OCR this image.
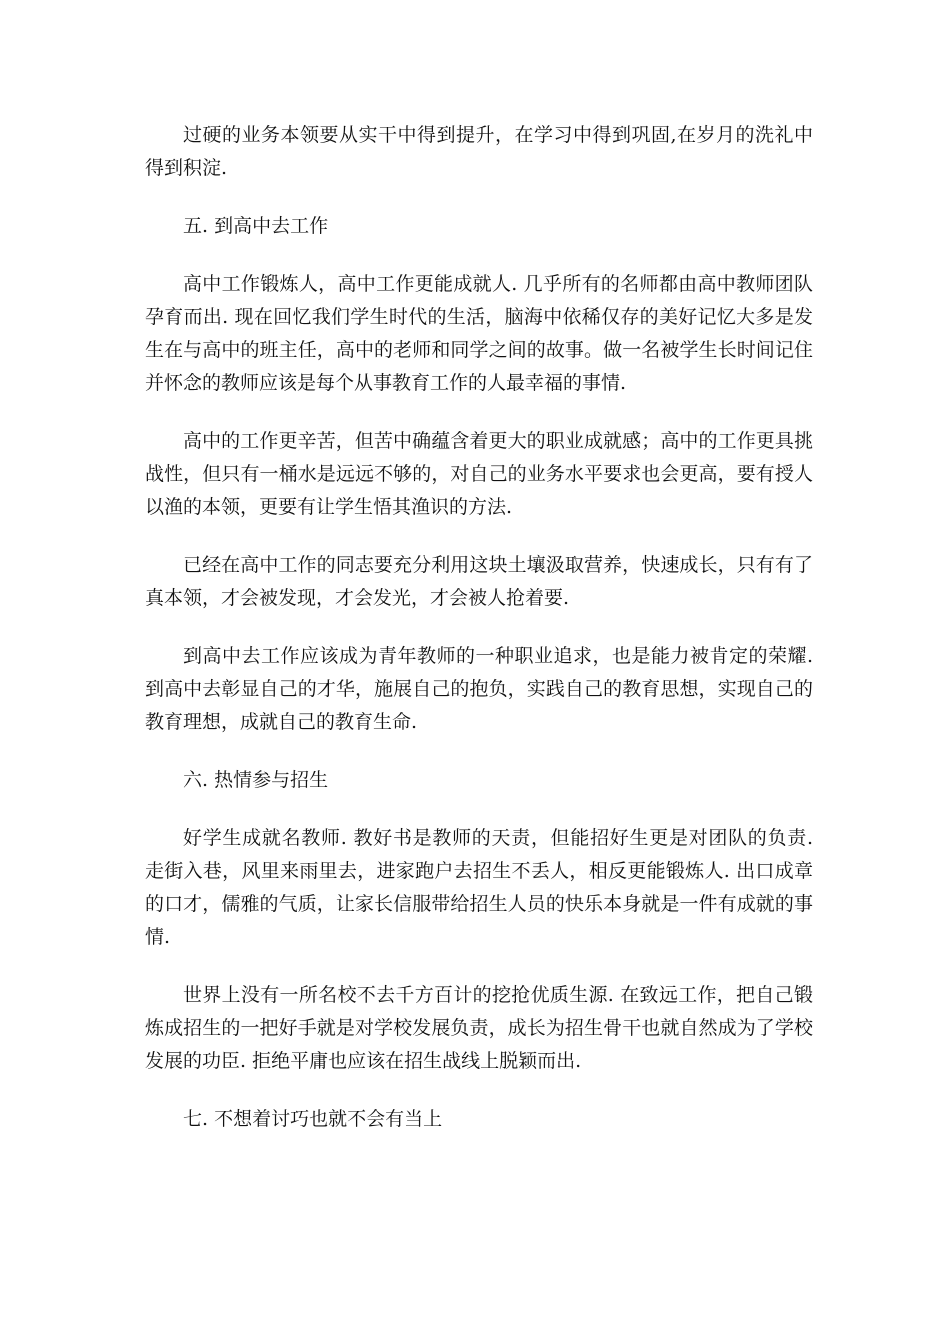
过硬的业务本领要从实干中得到提升，在学习中得到巩固,在岁月的洗礼中得到积淀.

五. 到高中去工作

高中工作锻炼人，高中工作更能成就人. 几乎所有的名师都由高中教师团队孕育而出. 现在回忆我们学生时代的生活，脑海中依稀仅存的美好记忆大多是发生在与高中的班主任，高中的老师和同学之间的故事。做一名被学生长时间记住并怀念的教师应该是每个从事教育工作的人最幸福的事情.

高中的工作更辛苦，但苦中确蕴含着更大的职业成就感；高中的工作更具挑战性，但只有一桶水是远远不够的，对自己的业务水平要求也会更高，要有授人以渔的本领，更要有让学生悟其渔识的方法.

已经在高中工作的同志要充分利用这块土壤汲取营养，快速成长，只有有了真本领，才会被发现，才会发光，才会被人抢着要.

到高中去工作应该成为青年教师的一种职业追求，也是能力被肯定的荣耀. 到高中去彰显自己的才华，施展自己的抱负，实践自己的教育思想，实现自己的教育理想，成就自己的教育生命.

六. 热情参与招生

好学生成就名教师. 教好书是教师的天责，但能招好生更是对团队的负责. 走街入巷，风里来雨里去，进家跑户去招生不丢人，相反更能锻炼人. 出口成章的口才，儒雅的气质，让家长信服带给招生人员的快乐本身就是一件有成就的事情.

世界上没有一所名校不去千方百计的挖抢优质生源. 在致远工作，把自己锻炼成招生的一把好手就是对学校发展负责，成长为招生骨干也就自然成为了学校发展的功臣. 拒绝平庸也应该在招生战线上脱颖而出.

七. 不想着讨巧也就不会有当上
